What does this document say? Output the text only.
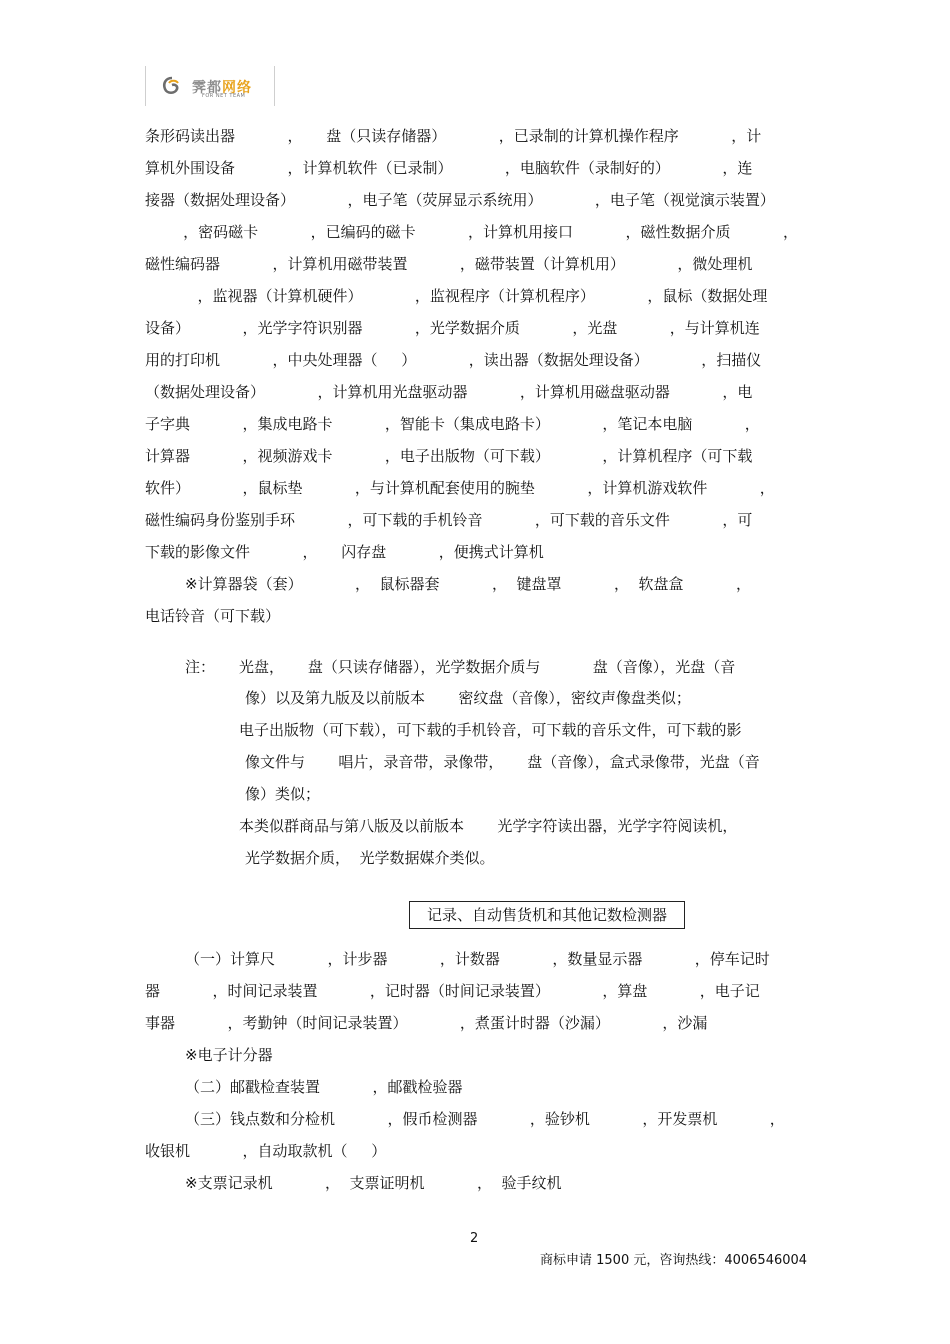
霁都网络
FOR NET TEAM
条形码读出器           ，     盘（只读存储器）           ，已录制的计算机操作程序           ，计
算机外围设备           ，计算机软件（已录制）           ，电脑软件（录制好的）           ，连
接器（数据处理设备）           ，电子笔（荧屏显示系统用）           ，电子笔（视觉演示装置）
，密码磁卡           ，已编码的磁卡           ，计算机用接口           ，磁性数据介质           ，
磁性编码器           ，计算机用磁带装置           ，磁带装置（计算机用）           ，微处理机
，监视器（计算机硬件）           ，监视程序（计算机程序）           ，鼠标（数据处理
设备）           ，光学字符识别器           ，光学数据介质           ，光盘           ，与计算机连
用的打印机           ，中央处理器（     ）           ，读出器（数据处理设备）           ，扫描仪
（数据处理设备）           ，计算机用光盘驱动器           ，计算机用磁盘驱动器           ，电
子字典           ，集成电路卡           ，智能卡（集成电路卡）           ，笔记本电脑           ，
计算器           ，视频游戏卡           ，电子出版物（可下载）           ，计算机程序（可下载
软件）           ，鼠标垫           ，与计算机配套使用的腕垫           ，计算机游戏软件           ，
磁性编码身份鉴别手环           ，可下载的手机铃音           ，可下载的音乐文件           ，可
下载的影像文件           ，     闪存盘           ，便携式计算机
※计算器袋（套）           ，  鼠标器套           ，  键盘罩           ，  软盘盒           ，
电话铃音（可下载）
注： 光盘，     盘（只读存储器），光学数据介质与           盘（音像），光盘（音
像）以及第九版及以前版本       密纹盘（音像），密纹声像盘类似；
电子出版物（可下载），可下载的手机铃音，可下载的音乐文件，可下载的影
像文件与       唱片，录音带，录像带，     盘（音像），盒式录像带，光盘（音
像）类似；
本类似群商品与第八版及以前版本       光学字符读出器，光学字符阅读机，
光学数据介质，  光学数据媒介类似。
记录、自动售货机和其他记数检测器
（一）计算尺           ，计步器           ，计数器           ，数量显示器           ，停车记时
器           ，时间记录装置           ，记时器（时间记录装置）           ，算盘           ，电子记
事器           ，考勤钟（时间记录装置）           ，煮蛋计时器（沙漏）           ，沙漏
※电子计分器
（二）邮戳检查装置           ，邮戳检验器
（三）钱点数和分检机           ，假币检测器           ，验钞机           ，开发票机           ，
收银机           ，自动取款机（     ）
※支票记录机           ，  支票证明机           ，  验手纹机
2
商标申请 1500 元，咨询热线：4006546004
